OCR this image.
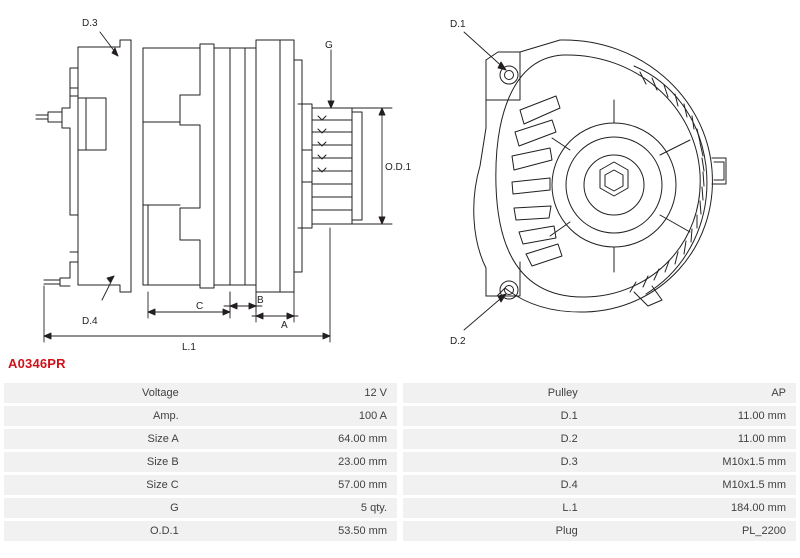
D.3
D.4
G
O.D.1
A
B
C
L.1
D.1
D.2
A0346PR
Voltage	12 V
Amp.	100 A
Size A	64.00 mm
Size B	23.00 mm
Size C	57.00 mm
G	5 qty.
O.D.1	53.50 mm
Pulley	AP
D.1	11.00 mm
D.2	11.00 mm
D.3	M10x1.5 mm
D.4	M10x1.5 mm
L.1	184.00 mm
Plug	PL_2200
